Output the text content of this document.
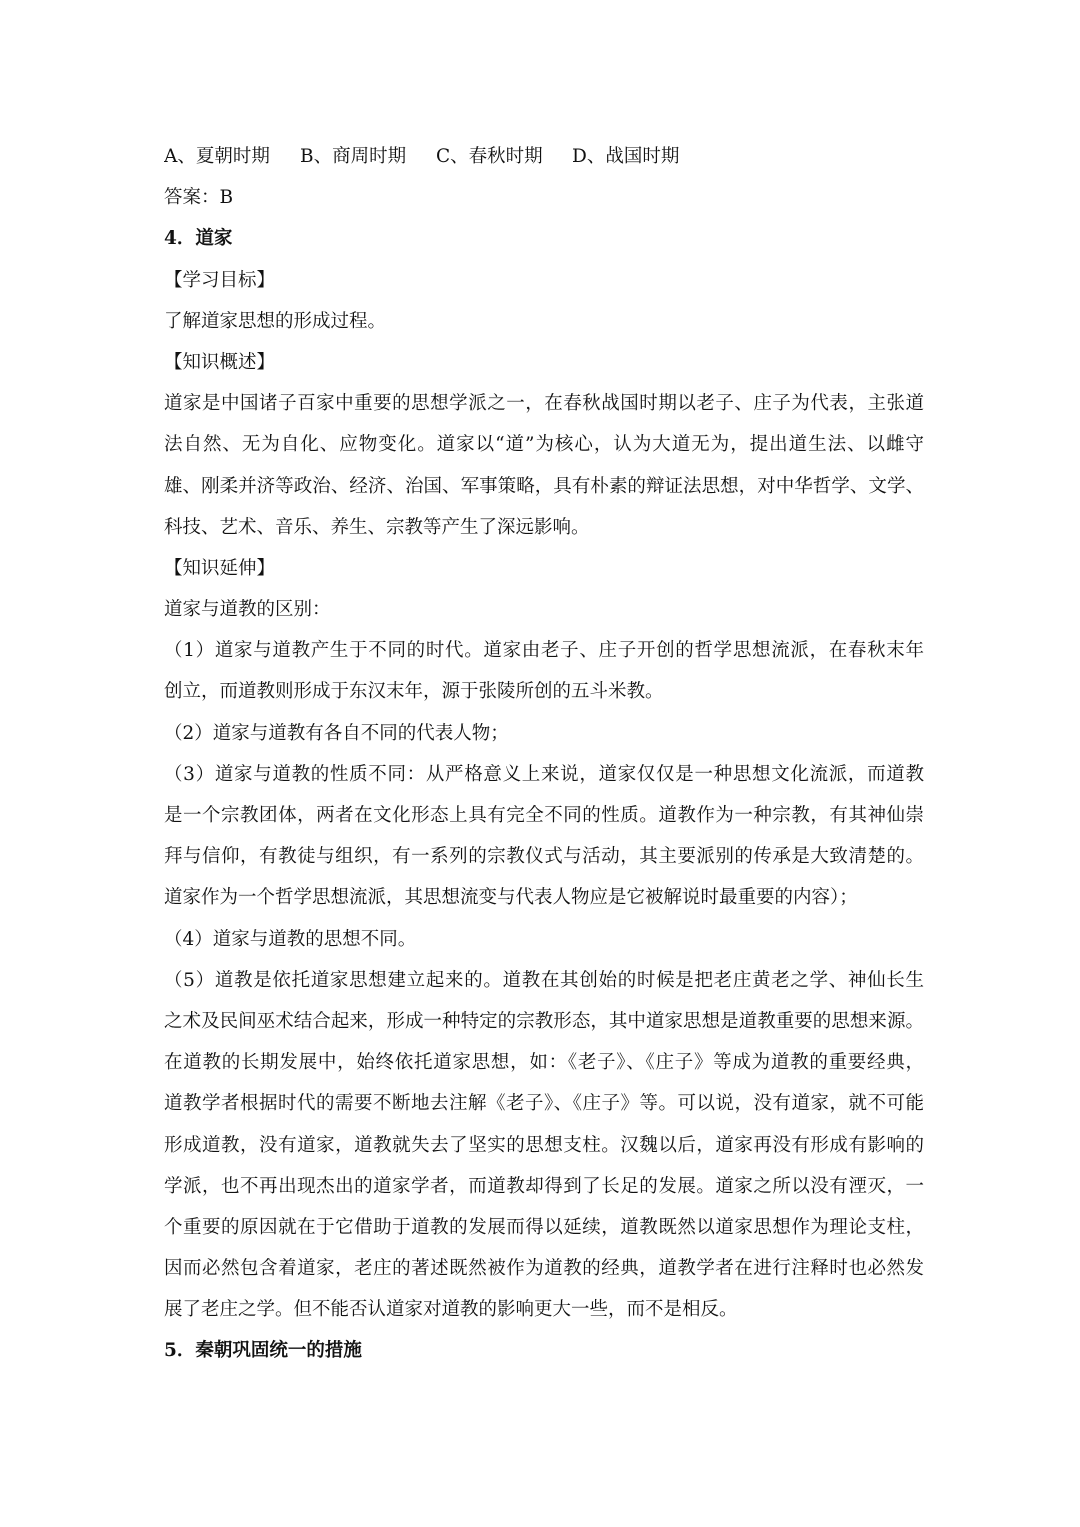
A、夏朝时期 B、商周时期 C、春秋时期 D、战国时期
答案：B
4．道家
【学习目标】
了解道家思想的形成过程。
【知识概述】
道家是中国诸子百家中重要的思想学派之一，在春秋战国时期以老子、庄子为代表，主张道
法自然、无为自化、应物变化。道家以“道”为核心，认为大道无为，提出道生法、以雌守
雄、刚柔并济等政治、经济、治国、军事策略，具有朴素的辩证法思想，对中华哲学、文学、
科技、艺术、音乐、养生、宗教等产生了深远影响。
【知识延伸】
道家与道教的区别：
（1）道家与道教产生于不同的时代。道家由老子、庄子开创的哲学思想流派，在春秋末年
创立，而道教则形成于东汉末年，源于张陵所创的五斗米教。
（2）道家与道教有各自不同的代表人物；
（3）道家与道教的性质不同：从严格意义上来说，道家仅仅是一种思想文化流派，而道教
是一个宗教团体，两者在文化形态上具有完全不同的性质。道教作为一种宗教，有其神仙崇
拜与信仰，有教徒与组织，有一系列的宗教仪式与活动，其主要派别的传承是大致清楚的。
道家作为一个哲学思想流派，其思想流变与代表人物应是它被解说时最重要的内容）；
（4）道家与道教的思想不同。
（5）道教是依托道家思想建立起来的。道教在其创始的时候是把老庄黄老之学、神仙长生
之术及民间巫术结合起来，形成一种特定的宗教形态，其中道家思想是道教重要的思想来源。
在道教的长期发展中，始终依托道家思想，如：《老子》、《庄子》等成为道教的重要经典，
道教学者根据时代的需要不断地去注解《老子》、《庄子》等。可以说，没有道家，就不可能
形成道教，没有道家，道教就失去了坚实的思想支柱。汉魏以后，道家再没有形成有影响的
学派，也不再出现杰出的道家学者，而道教却得到了长足的发展。道家之所以没有湮灭，一
个重要的原因就在于它借助于道教的发展而得以延续，道教既然以道家思想作为理论支柱，
因而必然包含着道家，老庄的著述既然被作为道教的经典，道教学者在进行注释时也必然发
展了老庄之学。但不能否认道家对道教的影响更大一些，而不是相反。
5．秦朝巩固统一的措施
